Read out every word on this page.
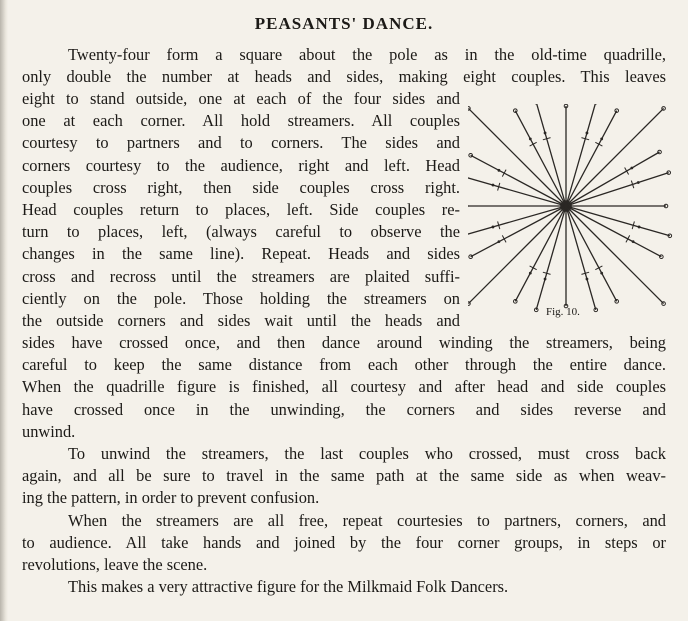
PEASANTS' DANCE.
Twenty-four form a square about the pole as in the old-time quadrille,
only double the number at heads and sides, making eight couples. This leaves
eight to stand outside, one at each of the four sides and
one at each corner. All hold streamers. All couples
courtesy to partners and to corners. The sides and
corners courtesy to the audience, right and left. Head
couples cross right, then side couples cross right.
Head couples return to places, left. Side couples re-
turn to places, left, (always careful to observe the
changes in the same line). Repeat. Heads and sides
cross and recross until the streamers are plaited suffi-
ciently on the pole. Those holding the streamers on
the outside corners and sides wait until the heads and
sides have crossed once, and then dance around winding the streamers, being
careful to keep the same distance from each other through the entire dance.
When the quadrille figure is finished, all courtesy and after head and side couples
have crossed once in the unwinding, the corners and sides reverse and
unwind.
To unwind the streamers, the last couples who crossed, must cross back
again, and all be sure to travel in the same path at the same side as when weav-
ing the pattern, in order to prevent confusion.
When the streamers are all free, repeat courtesies to partners, corners, and
to audience. All take hands and joined by the four corner groups, in steps or
revolutions, leave the scene.
This makes a very attractive figure for the Milkmaid Folk Dancers.
Fig. 10.
